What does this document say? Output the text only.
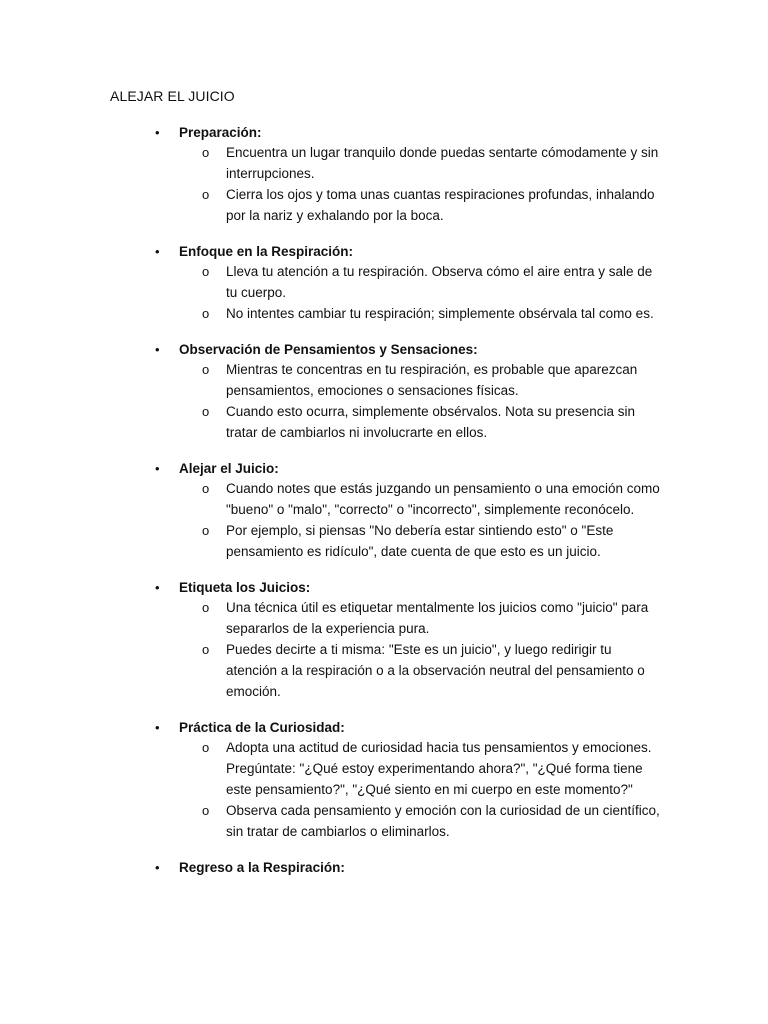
ALEJAR EL JUICIO
• Preparación:
o Encuentra un lugar tranquilo donde puedas sentarte cómodamente y sin interrupciones.
o Cierra los ojos y toma unas cuantas respiraciones profundas, inhalando por la nariz y exhalando por la boca.
• Enfoque en la Respiración:
o Lleva tu atención a tu respiración. Observa cómo el aire entra y sale de tu cuerpo.
o No intentes cambiar tu respiración; simplemente obsérvala tal como es.
• Observación de Pensamientos y Sensaciones:
o Mientras te concentras en tu respiración, es probable que aparezcan pensamientos, emociones o sensaciones físicas.
o Cuando esto ocurra, simplemente obsérvalos. Nota su presencia sin tratar de cambiarlos ni involucrarte en ellos.
• Alejar el Juicio:
o Cuando notes que estás juzgando un pensamiento o una emoción como "bueno" o "malo", "correcto" o "incorrecto", simplemente reconócelo.
o Por ejemplo, si piensas "No debería estar sintiendo esto" o "Este pensamiento es ridículo", date cuenta de que esto es un juicio.
• Etiqueta los Juicios:
o Una técnica útil es etiquetar mentalmente los juicios como "juicio" para separarlos de la experiencia pura.
o Puedes decirte a ti misma: "Este es un juicio", y luego redirigir tu atención a la respiración o a la observación neutral del pensamiento o emoción.
• Práctica de la Curiosidad:
o Adopta una actitud de curiosidad hacia tus pensamientos y emociones. Pregúntate: "¿Qué estoy experimentando ahora?", "¿Qué forma tiene este pensamiento?", "¿Qué siento en mi cuerpo en este momento?"
o Observa cada pensamiento y emoción con la curiosidad de un científico, sin tratar de cambiarlos o eliminarlos.
• Regreso a la Respiración:
